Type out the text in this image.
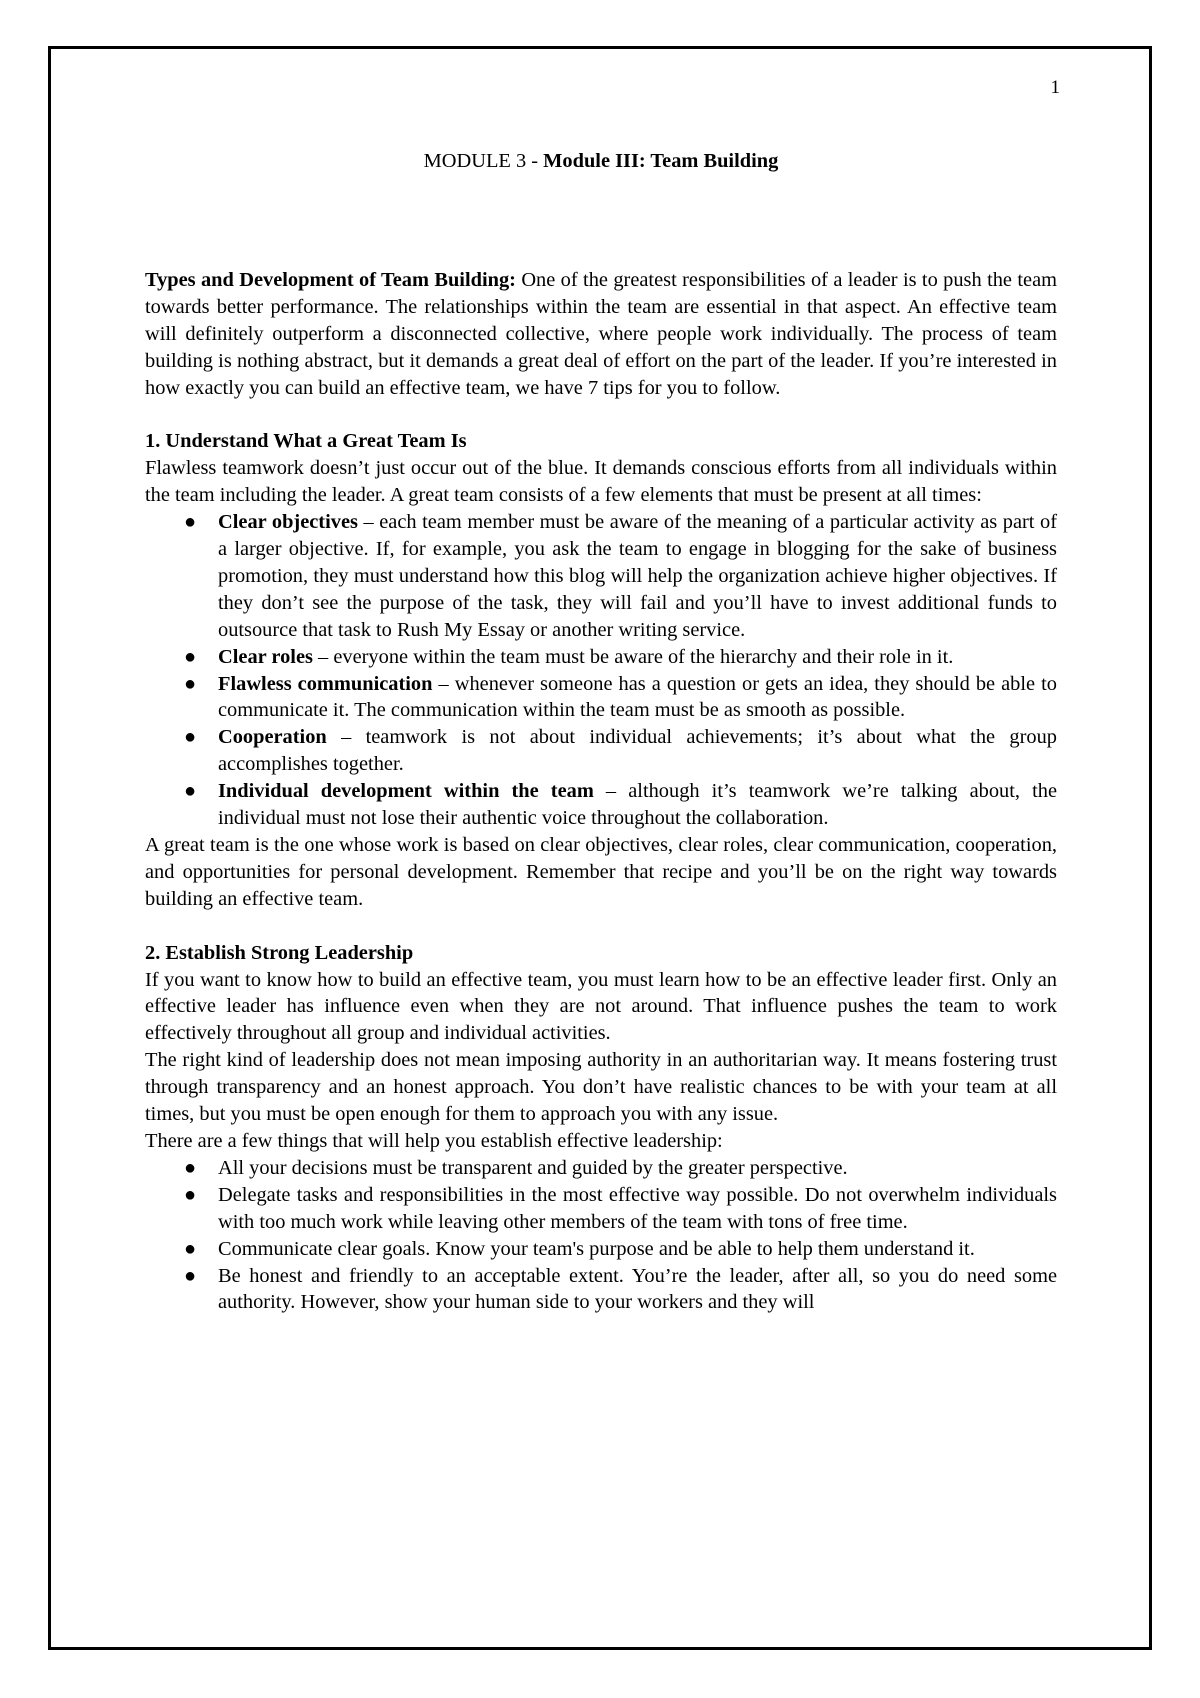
1
MODULE 3 - Module III: Team Building

Types and Development of Team Building: One of the greatest responsibilities of a leader is to push the team towards better performance. The relationships within the team are essential in that aspect. An effective team will definitely outperform a disconnected collective, where people work individually. The process of team building is nothing abstract, but it demands a great deal of effort on the part of the leader. If you’re interested in how exactly you can build an effective team, we have 7 tips for you to follow.

1. Understand What a Great Team Is

Flawless teamwork doesn’t just occur out of the blue. It demands conscious efforts from all individuals within the team including the leader. A great team consists of a few elements that must be present at all times:

● Clear objectives – each team member must be aware of the meaning of a particular activity as part of a larger objective. If, for example, you ask the team to engage in blogging for the sake of business promotion, they must understand how this blog will help the organization achieve higher objectives. If they don’t see the purpose of the task, they will fail and you’ll have to invest additional funds to outsource that task to Rush My Essay or another writing service.
● Clear roles – everyone within the team must be aware of the hierarchy and their role in it.
● Flawless communication – whenever someone has a question or gets an idea, they should be able to communicate it. The communication within the team must be as smooth as possible.
● Cooperation – teamwork is not about individual achievements; it’s about what the group accomplishes together.
● Individual development within the team – although it’s teamwork we’re talking about, the individual must not lose their authentic voice throughout the collaboration.

A great team is the one whose work is based on clear objectives, clear roles, clear communication, cooperation, and opportunities for personal development. Remember that recipe and you’ll be on the right way towards building an effective team.

2. Establish Strong Leadership

If you want to know how to build an effective team, you must learn how to be an effective leader first. Only an effective leader has influence even when they are not around. That influence pushes the team to work effectively throughout all group and individual activities.

The right kind of leadership does not mean imposing authority in an authoritarian way. It means fostering trust through transparency and an honest approach. You don’t have realistic chances to be with your team at all times, but you must be open enough for them to approach you with any issue.

There are a few things that will help you establish effective leadership:

● All your decisions must be transparent and guided by the greater perspective.
● Delegate tasks and responsibilities in the most effective way possible. Do not overwhelm individuals with too much work while leaving other members of the team with tons of free time.
● Communicate clear goals. Know your team's purpose and be able to help them understand it.
● Be honest and friendly to an acceptable extent. You’re the leader, after all, so you do need some authority. However, show your human side to your workers and they will
